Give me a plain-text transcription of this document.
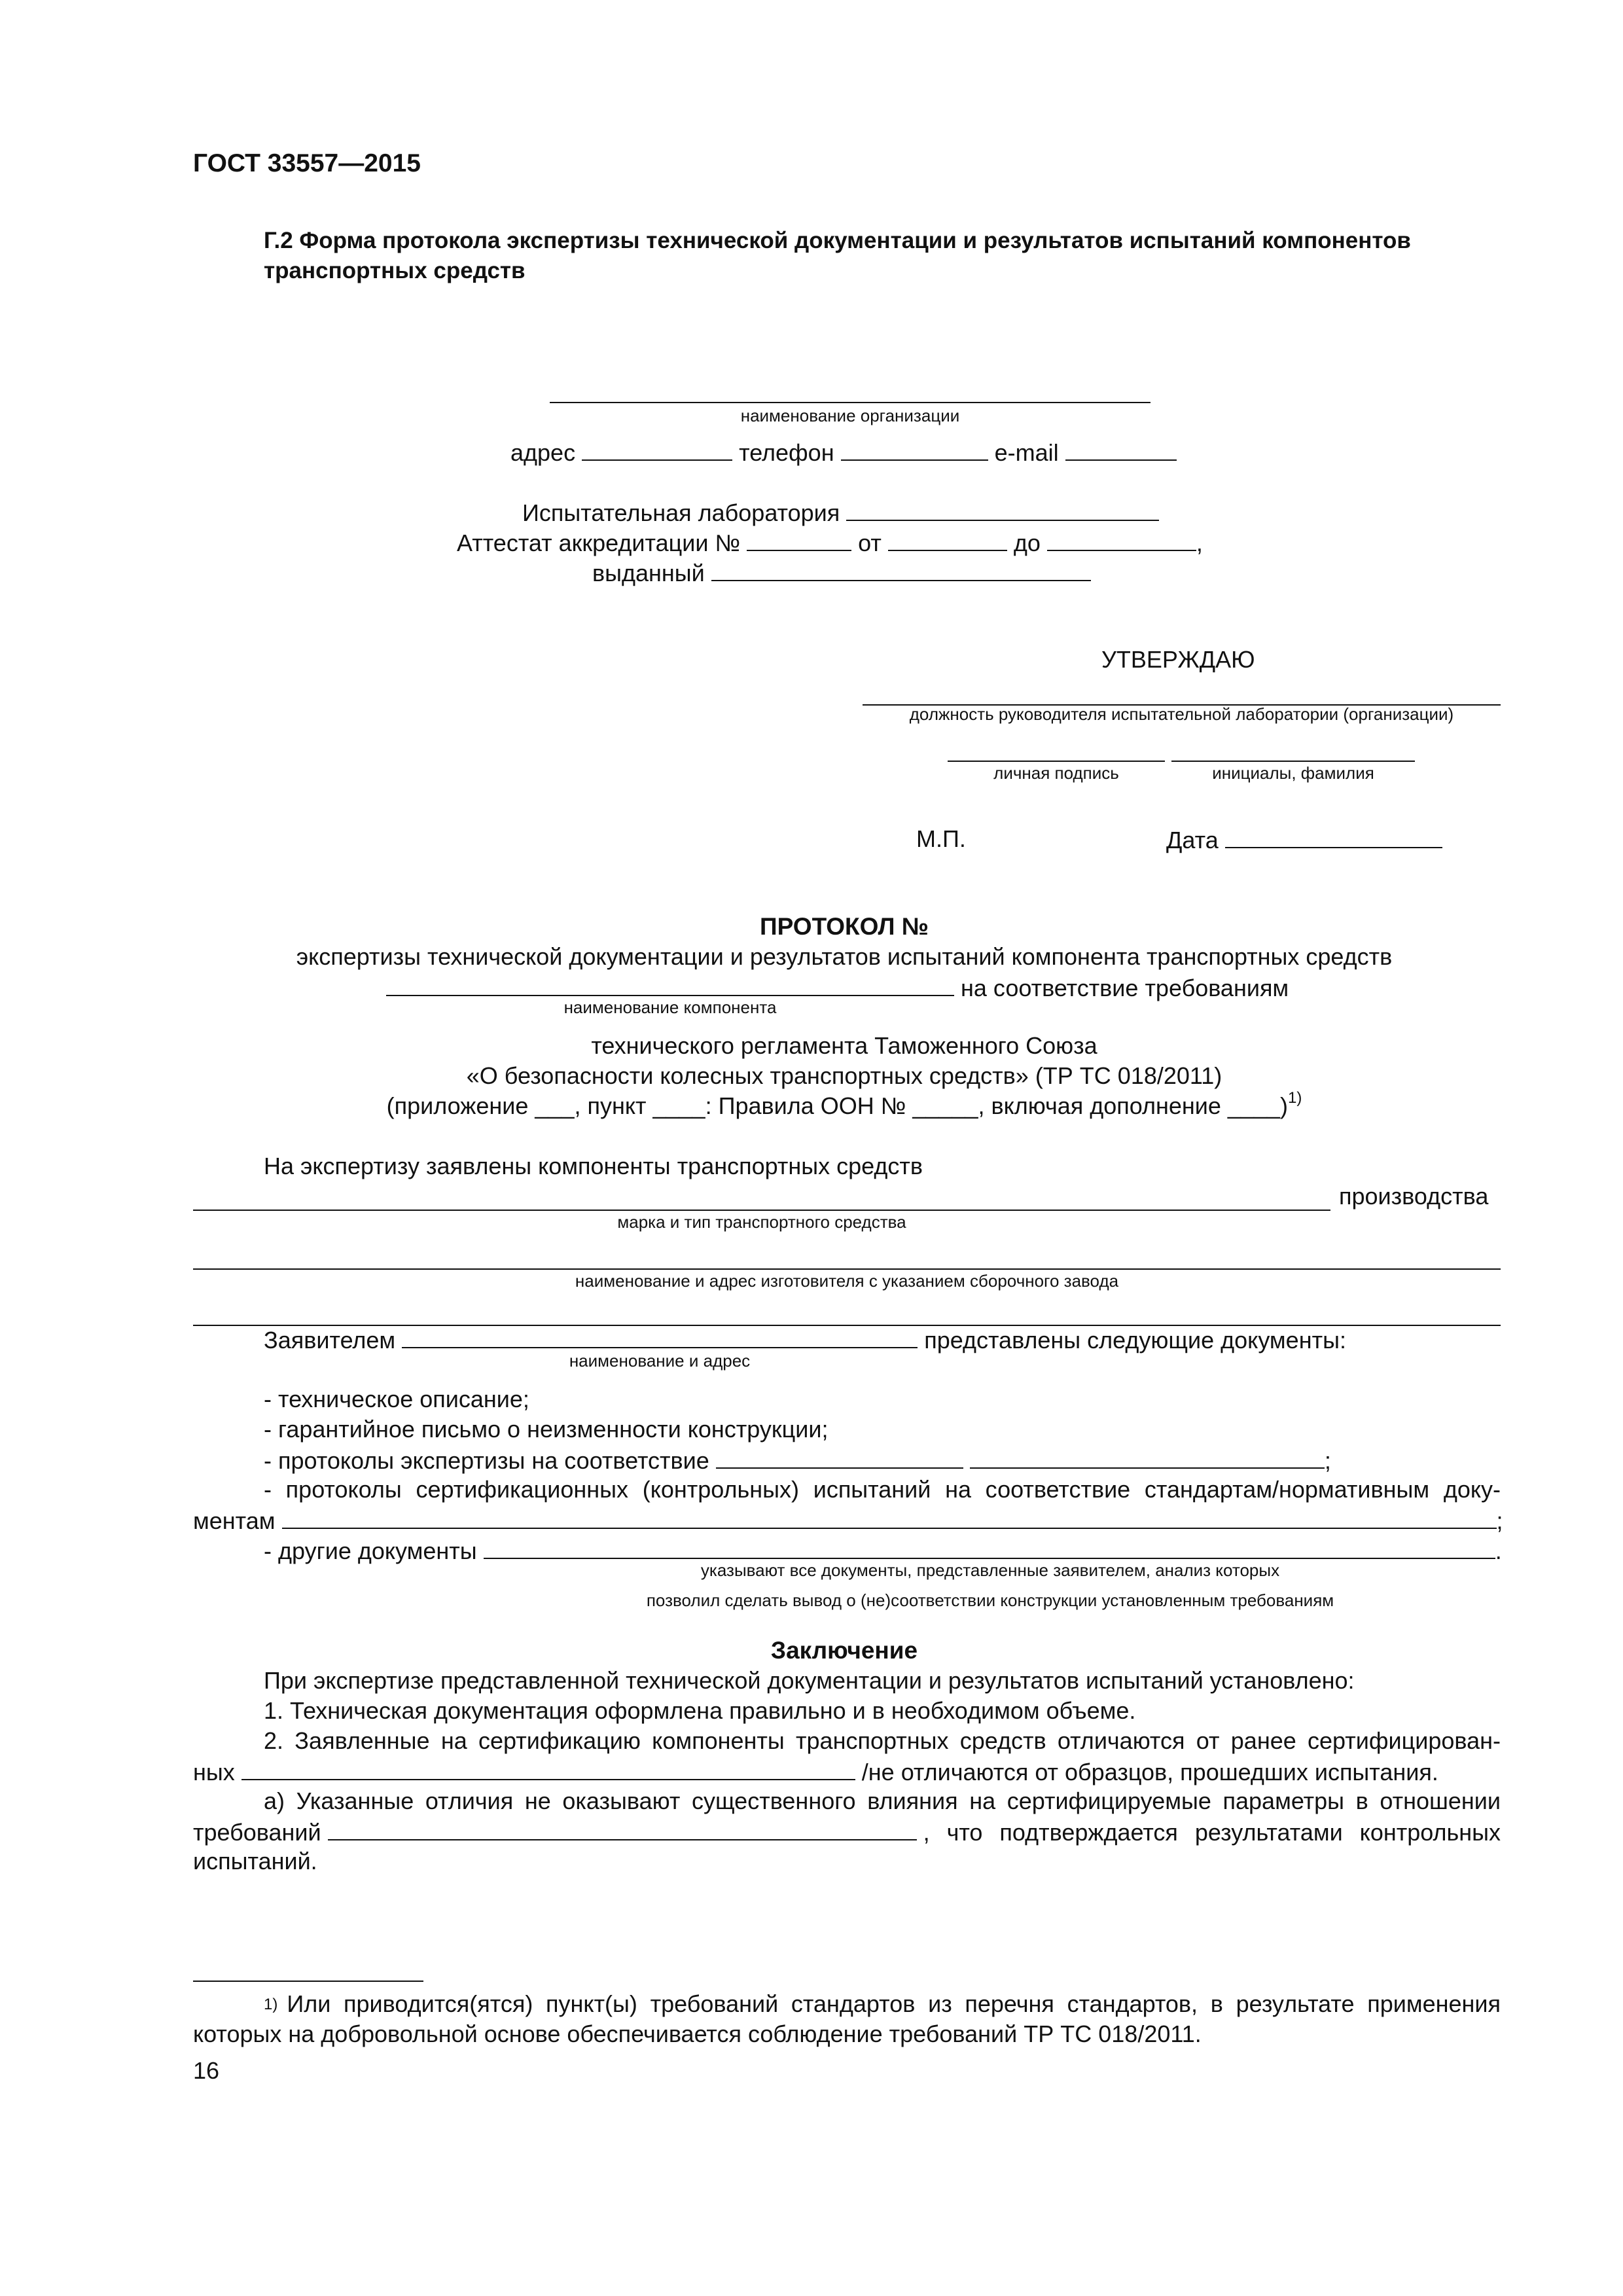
ГОСТ 33557—2015
Г.2 Форма протокола экспертизы технической документации и результатов испытаний компонентов
транспортных средств
наименование организации
адрес	телефон	e-mail
Испытательная лаборатория
Аттестат аккредитации №	от	до	,
выданный
УТВЕРЖДАЮ
должность руководителя испытательной лаборатории (организации)
личная подпись	инициалы, фамилия
М.П.	Дата
ПРОТОКОЛ №
экспертизы технической документации и результатов испытаний компонента транспортных средств
на соответствие требованиям
наименование компонента
технического регламента Таможенного Союза
«О безопасности колесных транспортных средств» (ТР ТС 018/2011)
(приложение ___, пункт ____: Правила ООН № _____, включая дополнение ____)$^{1)}$
На экспертизу заявлены компоненты транспортных средств
производства
марка и тип транспортного средства
наименование и адрес изготовителя с указанием сборочного завода
Заявителем	представлены следующие документы:
наименование и адрес
- техническое описание;
- гарантийное письмо о неизменности конструкции;
- протоколы экспертизы на соответствие	;
- протоколы сертификационных (контрольных) испытаний на соответствие стандартам/нормативным доку-
ментам	;
- другие документы	.
указывают все документы, представленные заявителем, анализ которых
позволил сделать вывод о (не)соответствии конструкции установленным требованиям
Заключение
При экспертизе представленной технической документации и результатов испытаний установлено:
1. Техническая документация оформлена правильно и в необходимом объеме.
2. Заявленные на сертификацию компоненты транспортных средств отличаются от ранее сертифицирован-
ных	/не отличаются от образцов, прошедших испытания.
а) Указанные отличия не оказывают существенного влияния на сертифицируемые параметры в отношении
требований	, что подтверждается результатами контрольных
испытаний.
$^{1)}$ Или приводится(ятся) пункт(ы) требований стандартов из перечня стандартов, в результате применения
которых на добровольной основе обеспечивается соблюдение требований ТР ТС 018/2011.
16
